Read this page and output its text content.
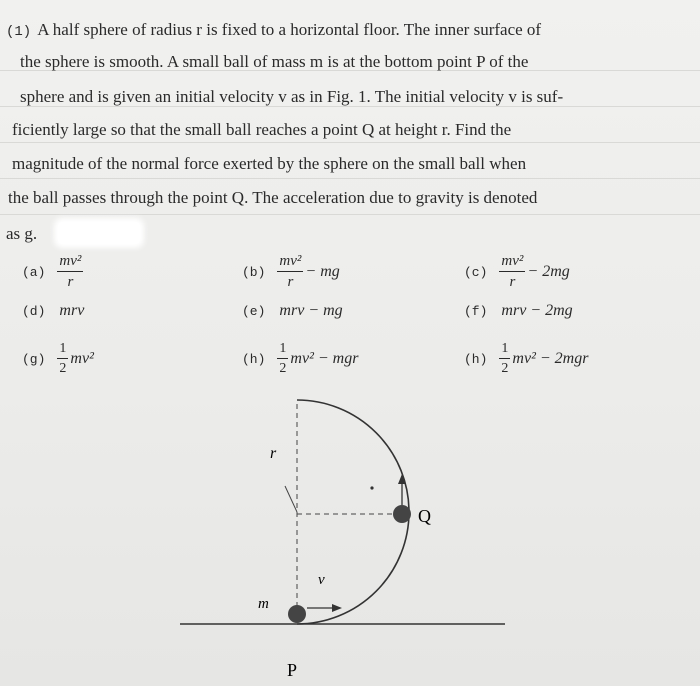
(1) A half sphere of radius r is fixed to a horizontal floor. The inner surface of
the sphere is smooth. A small ball of mass m is at the bottom point P of the
sphere and is given an initial velocity v as in Fig. 1. The initial velocity v is suf-
ficiently large so that the small ball reaches a point Q at height r. Find the
magnitude of the normal force exerted by the sphere on the small ball when
the ball passes through the point Q. The acceleration due to gravity is denoted
as g.
$(a) \frac{\text{mv²}}{r}$	$(b) \frac{\text{mv²}}{r}$ − mg	$(c) \frac{\text{mv²}}{r} - 2mg$
(d) mrv	(e) mrv − mg	(f) mrv − 2mg
$(g) \frac{1}{2} mv^2$	$(h) \frac{1}{2} mv^2$ − mgr	$(h) \frac{1}{2} mv^2 - 2mgr$
r
Q
v
m
P
